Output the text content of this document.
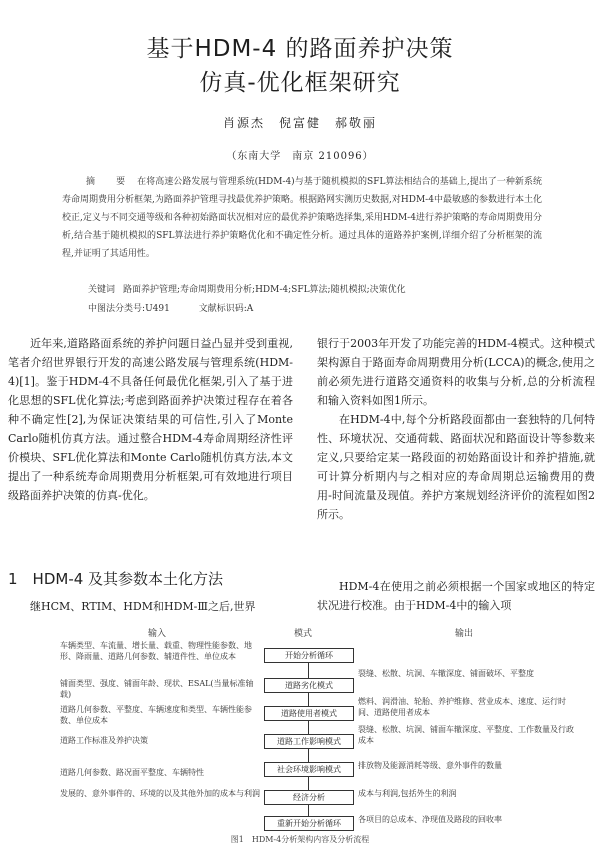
基于HDM-4 的路面养护决策
仿真-优化框架研究
肖源杰　倪富健　郝敬丽
（东南大学　南京 210096）
摘　要 在将高速公路发展与管理系统(HDM-4)与基于随机模拟的SFL算法相结合的基础上,提出了一种新系统寿命周期费用分析框架,为路面养护管理寻找最优养护策略。根据路网实测历史数据,对HDM-4中最敏感的参数进行本土化校正,定义与不同交通等级和各种初始路面状况相对应的最优养护策略选择集,采用HDM-4进行养护策略的寿命周期费用分析,结合基于随机模拟的SFL算法进行养护策略优化和不确定性分析。通过具体的道路养护案例,详细介绍了分析框架的流程,并证明了其适用性。
关键词 路面养护管理;寿命周期费用分析;HDM-4;SFL算法;随机模拟;决策优化
中图法分类号:U491	文献标识码:A

近年来,道路路面系统的养护问题日益凸显并受到重视,笔者介绍世界银行开发的高速公路发展与管理系统(HDM-4)[1]。鉴于HDM-4不具备任何最优化框架,引入了基于进化思想的SFL优化算法;考虑到路面养护决策过程存在着各种不确定性[2],为保证决策结果的可信性,引入了Monte Carlo随机仿真方法。通过整合HDM-4寿命周期经济性评价模块、SFL优化算法和Monte Carlo随机仿真方法,本文提出了一种系统寿命周期费用分析框架,可有效地进行项目级路面养护决策的仿真-优化。

1　HDM-4 及其参数本土化方法

继HCM、RTIM、HDM和HDM-Ⅲ之后,世界

银行于2003年开发了功能完善的HDM-4模式。这种模式架构源自于路面寿命周期费用分析(LCCA)的概念,使用之前必须先进行道路交通资料的收集与分析,总的分析流程和输入资料如图1所示。

在HDM-4中,每个分析路段面都由一套独特的几何特性、环境状况、交通荷载、路面状况和路面设计等参数来定义,只要给定某一路段面的初始路面设计和养护措施,就可计算分析期内与之相对应的寿命周期总运输费用的费用-时间流量及现值。养护方案规划经济评价的流程如图2所示。

HDM-4在使用之前必须根据一个国家或地区的特定状况进行校准。由于HDM-4中的输入项

输入	模式	输出
车辆类型、车流量、增长量、载重、物理性能参数、地形、降雨量、道路几何参数、辅道件性、单位成本
铺面类型、强度、铺面年龄、现状、ESAL(当量标准轴载)
道路几何参数、平整度、车辆速度和类型、车辆性能参数、单位成本
道路工作标准及养护决策
道路几何参数、路况面平整度、车辆特性
发展的、意外事件的、环境的以及其他外加的成本与利润
开始分析循环
道路劣化模式
道路使用者模式
道路工作影响模式
社会环境影响模式
经济分析
重新开始分析循环
裂缝、松散、坑洞、车辙深度、铺面破坏、平整度
燃料、润滑油、轮胎、养护维修、营业成本、速度、运行时间、道路使用者成本
裂缝、松散、坑洞、铺面车辙深度、平整度、工作数量及行政成本
排放物及能源消耗等级、意外事件的数量
成本与利润,包括外生的利润
各项目的总成本、净现值及路段的回收率
图1　HDM-4分析架构内容及分析流程
